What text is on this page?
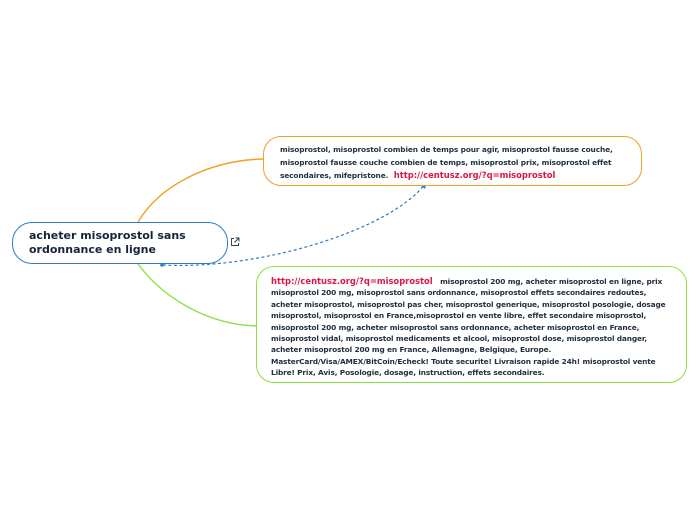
acheter misoprostol sans ordonnance en ligne
misoprostol, misoprostol combien de temps pour agir, misoprostol fausse couche, misoprostol fausse couche combien de temps, misoprostol prix, misoprostol effet secondaires, mifepristone. http://centusz.org/?q=misoprostol
http://centusz.org/?q=misoprostol misoprostol 200 mg, acheter misoprostol en ligne, prix misoprostol 200 mg, misoprostol sans ordonnance, misoprostol effets secondaires redoutes, acheter misoprostol, misoprostol pas cher, misoprostol generique, misoprostol posologie, dosage misoprostol, misoprostol en France,misoprostol en vente libre, effet secondaire misoprostol, misoprostol 200 mg, acheter misoprostol sans ordonnance, acheter misoprostol en France, misoprostol vidal, misoprostol medicaments et alcool, misoprostol dose, misoprostol danger, acheter misoprostol 200 mg en France, Allemagne, Belgique, Europe. MasterCard/Visa/AMEX/BitCoin/Echeck! Toute securite! Livraison rapide 24h! misoprostol vente Libre! Prix, Avis, Posologie, dosage, instruction, effets secondaires.
